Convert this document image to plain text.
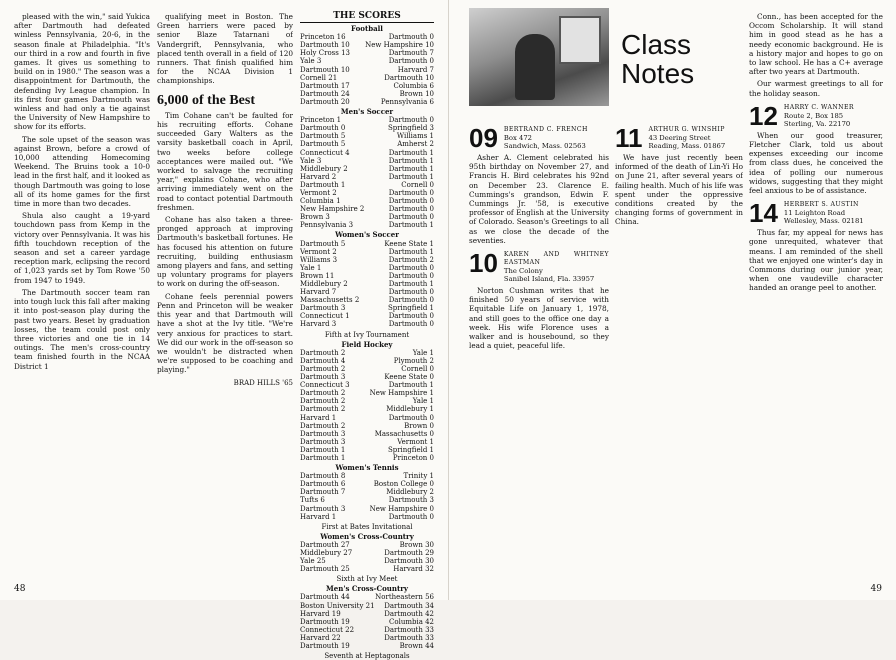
pleased with the win," said Yukica after Dartmouth had defeated winless Pennsylvania, 20-6, in the season finale at Philadelphia. "It's our third in a row and fourth in five games. It gives us something to build on in 1980." The season was a disappointment for Dartmouth, the defending Ivy League champion. In its first four games Dartmouth was winless and had only a tie against the University of New Hampshire to show for its efforts.

The sole upset of the season was against Brown, before a crowd of 10,000 attending Homecoming Weekend. The Bruins took a 10-0 lead in the first half, and it looked as though Dartmouth was going to lose all of its home games for the first time in more than two decades.

Shula also caught a 19-yard touchdown pass from Kemp in the victory over Pennsylvania. It was his fifth touchdown reception of the season and set a career yardage reception mark, eclipsing the record of 1,023 yards set by Tom Rowe '50 from 1947 to 1949.

The Dartmouth soccer team ran into tough luck this fall after making it into post-season play during the past two years. Beset by graduation losses, the team could post only three victories and one tie in 14 outings. The men's cross-country team finished fourth in the NCAA District 1

qualifying meet in Boston. The Green harriers were paced by senior Blaze Tatarnani of Vandergrift, Pennsylvania, who placed tenth overall in a field of 120 runners. That finish qualified him for the NCAA Division 1 championships.

6,000 of the Best

Tim Cohane can't be faulted for his recruiting efforts. Cohane succeeded Gary Walters as the varsity basketball coach in April, two weeks before college acceptances were mailed out. "We worked to salvage the recruiting year," explains Cohane, who after arriving immediately went on the road to contact potential Dartmouth freshmen.

Cohane has also taken a three-pronged approach at improving Dartmouth's basketball fortunes. He has focused his attention on future recruiting, building enthusiasm among players and fans, and setting up voluntary programs for players to work on during the off-season.

Cohane feels perennial powers Penn and Princeton will be weaker this year and that Dartmouth will have a shot at the Ivy title. "We're very anxious for practices to start. We did our work in the off-season so we wouldn't be distracted when we're supposed to be coaching and playing."

BRAD HILLS '65
THE SCORES
Football
Princeton 16	Dartmouth 0
Dartmouth 10 New Hampshire 10
Holy Cross 13	Dartmouth 7
Yale 3	Dartmouth 0
Dartmouth 10	Harvard 7
Cornell 21	Dartmouth 10
Dartmouth 17	Columbia 6
Dartmouth 24	Brown 10
Dartmouth 20	Pennsylvania 6
Men's Soccer
Princeton 1	Dartmouth 0
Dartmouth 0	Springfield 3
Dartmouth 5	Williams 1
Dartmouth 5	Amherst 2
Connecticut 4	Dartmouth 1
Yale 3	Dartmouth 1
Middlebury 2	Dartmouth 1
Harvard 2	Dartmouth 1
Dartmouth 1	Cornell 0
Vermont 2	Dartmouth 0
Columbia 1	Dartmouth 0
New Hampshire 2	Dartmouth 0
Brown 3	Dartmouth 0
Pennsylvania 3	Dartmouth 1
Women's Soccer
Dartmouth 5	Keene State 1
Vermont 2	Dartmouth 1
Williams 3	Dartmouth 2
Yale 1	Dartmouth 0
Brown 11	Dartmouth 0
Middlebury 2	Dartmouth 1
Harvard 7	Dartmouth 0
Massachusetts 2	Dartmouth 0
Dartmouth 3	Springfield 1
Connecticut 1	Dartmouth 0
Harvard 3	Dartmouth 0
Fifth at Ivy Tournament
Field Hockey
Dartmouth 2	Yale 1
Dartmouth 4	Plymouth 2
Dartmouth 2	Cornell 0
Dartmouth 3	Keene State 0
Connecticut 3	Dartmouth 1
Dartmouth 2	New Hampshire 1
Dartmouth 2	Yale 1
Dartmouth 2	Middlebury 1
Harvard 1	Dartmouth 0
Dartmouth 2	Brown 0
Dartmouth 3	Massachusetts 0
Dartmouth 3	Vermont 1
Dartmouth 1	Springfield 1
Dartmouth 1	Princeton 0
Women's Tennis
Dartmouth 8	Trinity 1
Dartmouth 6	Boston College 0
Dartmouth 7	Middlebury 2
Tufts 6	Dartmouth 3
Dartmouth 3	New Hampshire 0
Harvard 1	Dartmouth 0
First at Bates Invitational
Women's Cross-Country
Dartmouth 27	Brown 30
Middlebury 27	Dartmouth 29
Yale 25	Dartmouth 30
Dartmouth 25	Harvard 32
Sixth at Ivy Meet
Men's Cross-Country
Dartmouth 44	Northeastern 56
Boston University 21 Dartmouth 34
Harvard 19	Dartmouth 42
Dartmouth 19	Columbia 42
Connecticut 22	Dartmouth 33
Harvard 22	Dartmouth 33
Dartmouth 19	Brown 44
Seventh at Heptagonals
48
Class
Notes
09 BERTRAND C. FRENCH
Box 472
Sandwich, Mass. 02563

Asher A. Clement celebrated his 95th birthday on November 27, and Francis H. Bird celebrates his 92nd on December 23. Clarence E. Cummings's grandson, Edwin F. Cummings Jr. '58, is executive professor of English at the University of Colorado. Season's Greetings to all as we close the decade of the seventies.

10 KAREN AND WHITNEY EASTMAN
The Colony
Sanibel Island, Fla. 33957

Norton Cushman writes that he finished 50 years of service with Equitable Life on January 1, 1978, and still goes to the office one day a week. His wife Florence uses a walker and is housebound, so they lead a quiet, peaceful life.

11 ARTHUR G. WINSHIP
43 Deering Street
Reading, Mass. 01867

We have just recently been informed of the death of Lin-Yi Ho on June 21, after several years of failing health. Much of his life was spent under the oppressive conditions created by the changing forms of government in China.

Conn., has been accepted for the Occom Scholarship. It will stand him in good stead as he has a needy economic background. He is a history major and hopes to go on to law school. He has a C+ average after two years at Dartmouth.

Our warmest greetings to all for the holiday season.

12 HARRY C. WANNER
Route 2, Box 185
Sterling, Va. 22170

When our good treasurer, Fletcher Clark, told us about expenses exceeding our income from class dues, he conceived the idea of polling our numerous widows, suggesting that they might feel anxious to be of assistance.

14 HERBERT S. AUSTIN
11 Leighton Road
Wellesley, Mass. 02181

Thus far, my appeal for news has gone unrequited, whatever that means. I am reminded of the shell that we enjoyed one winter's day in Commons during our junior year, when one vaudeville character handed an orange peel to another.

49
